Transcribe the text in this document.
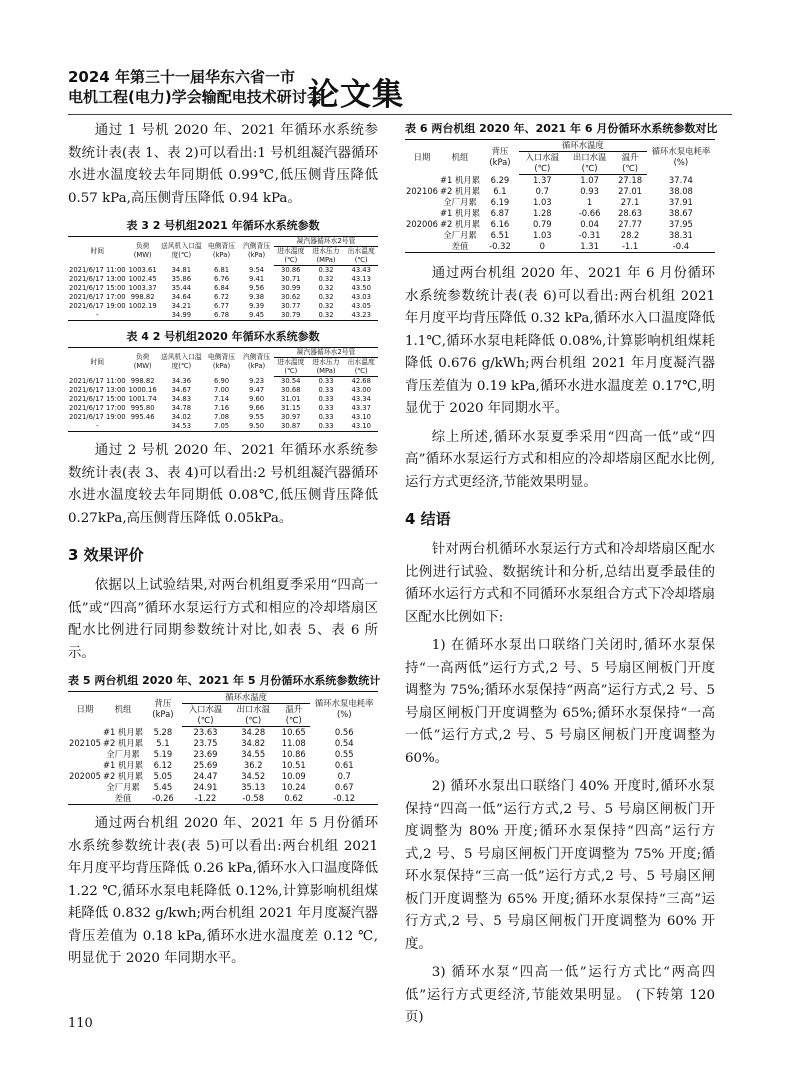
2024 年第三十一届华东六省一市
电机工程(电力)学会输配电技术研讨会
论文集

通过 1 号机 2020 年、2021 年循环水系统参数统计表(表 1、表 2)可以看出:1 号机组凝汽器循环水进水温度较去年同期低 0.99℃,低压侧背压降低 0.57 kPa,高压侧背压降低 0.94 kPa。

表 3 2 号机组2021 年循环水系统参数
时间	负荷(MW)	送风机入口温度(℃)	电侧背压(kPa)	汽侧背压(kPa)	凝汽器循环水2号管		
					进水温度(℃)	进水压力(MPa)	出水温度(℃)
2021/6/17 11:00	1003.61	34.81	6.81	9.54	30.86	0.32	43.43
2021/6/17 13:00	1002.45	35.86	6.76	9.41	30.71	0.32	43.13
2021/6/17 15:00	1003.37	35.44	6.84	9.56	30.99	0.32	43.50
2021/6/17 17:00	998.82	34.64	6.72	9.38	30.62	0.32	43.03
2021/6/17 19:00	1002.19	34.21	6.77	9.39	30.77	0.32	43.05
-		34.99	6.78	9.45	30.79	0.32	43.23
表 4 2 号机组2020 年循环水系统参数
时间	负荷(MW)	送风机入口温度(℃)	电侧背压(kPa)	汽侧背压(kPa)	凝汽器循环水2号管		
					进水温度(℃)	进水压力(MPa)	出水温度(℃)
2021/6/17 11:00	998.82	34.36	6.90	9.23	30.54	0.33	42.68
2021/6/17 13:00	1000.16	34.67	7.00	9.47	30.68	0.33	43.00
2021/6/17 15:00	1001.74	34.83	7.14	9.60	31.01	0.33	43.34
2021/6/17 17:00	995.80	34.78	7.16	9.66	31.15	0.33	43.37
2021/6/17 19:00	995.46	34.02	7.08	9.55	30.97	0.33	43.10
-		34.53	7.05	9.50	30.87	0.33	43.10

通过 2 号机 2020 年、2021 年循环水系统参数统计表(表 3、表 4)可以看出:2 号机组凝汽器循环水进水温度较去年同期低 0.08℃,低压侧背压降低 0.27kPa,高压侧背压降低 0.05kPa。

3 效果评价

依据以上试验结果,对两台机组夏季采用“四高一低”或“四高”循环水泵运行方式和相应的冷却塔扇区配水比例进行同期参数统计对比,如表 5、表 6 所示。

表 5 两台机组 2020 年、2021 年 5 月份循环水系统参数统计
日期	机组	背压(kPa)	循环水温度			循环水泵电耗率(%)
			入口水温(℃)	出口水温(℃)	温升(℃)	
	#1 机月累	5.28	23.63	34.28	10.65	0.56
202105	#2 机月累	5.1	23.75	34.82	11.08	0.54
	全厂月累	5.19	23.69	34.55	10.86	0.55
	#1 机月累	6.12	25.69	36.2	10.51	0.61
202005	#2 机月累	5.05	24.47	34.52	10.09	0.7
	全厂月累	5.45	24.91	35.13	10.24	0.67
	差值	-0.26	-1.22	-0.58	0.62	-0.12

通过两台机组 2020 年、2021 年 5 月份循环水系统参数统计表(表 5)可以看出:两台机组 2021 年月度平均背压降低 0.26 kPa,循环水入口温度降低 1.22 ℃,循环水泵电耗降低 0.12%,计算影响机组煤耗降低 0.832 g/kwh;两台机组 2021 年月度凝汽器背压差值为 0.18 kPa,循环水进水温度差 0.12 ℃,明显优于 2020 年同期水平。

表 6 两台机组 2020 年、2021 年 6 月份循环水系统参数对比
日期	机组	背压(kPa)	循环水温度			循环水泵电耗率(%)
			入口水温(℃)	出口水温(℃)	温升(℃)	
	#1 机月累	6.29	1.37	1.07	27.18	37.74
202106	#2 机月累	6.1	0.7	0.93	27.01	38.08
	全厂月累	6.19	1.03	1	27.1	37.91
	#1 机月累	6.87	1.28	-0.66	28.63	38.67
202006	#2 机月累	6.16	0.79	0.04	27.77	37.95
	全厂月累	6.51	1.03	-0.31	28.2	38.31
	差值	-0.32	0	1.31	-1.1	-0.4

通过两台机组 2020 年、2021 年 6 月份循环水系统参数统计表(表 6)可以看出:两台机组 2021 年月度平均背压降低 0.32 kPa,循环水入口温度降低 1.1℃,循环水泵电耗降低 0.08%,计算影响机组煤耗降低 0.676 g/kWh;两台机组 2021 年月度凝汽器背压差值为 0.19 kPa,循环水进水温度差 0.17℃,明显优于 2020 年同期水平。

综上所述,循环水泵夏季采用“四高一低”或“四高”循环水泵运行方式和相应的冷却塔扇区配水比例,运行方式更经济,节能效果明显。

4 结语

针对两台机循环水泵运行方式和冷却塔扇区配水比例进行试验、数据统计和分析,总结出夏季最佳的循环水运行方式和不同循环水泵组合方式下冷却塔扇区配水比例如下:

1) 在循环水泵出口联络门关闭时,循环水泵保持“一高两低”运行方式,2 号、5 号扇区闸板门开度调整为 75%;循环水泵保持“两高”运行方式,2 号、5 号扇区闸板门开度调整为 65%;循环水泵保持“一高一低”运行方式,2 号、5 号扇区闸板门开度调整为 60%。

2) 循环水泵出口联络门 40% 开度时,循环水泵保持“四高一低”运行方式,2 号、5 号扇区闸板门开度调整为 80% 开度;循环水泵保持“四高”运行方式,2 号、5 号扇区闸板门开度调整为 75% 开度;循环水泵保持“三高一低”运行方式,2 号、5 号扇区闸板门开度调整为 65% 开度;循环水泵保持“三高”运行方式,2 号、5 号扇区闸板门开度调整为 60% 开度。

3) 循环水泵“四高一低”运行方式比“两高四低”运行方式更经济,节能效果明显。 (下转第 120 页)

110
